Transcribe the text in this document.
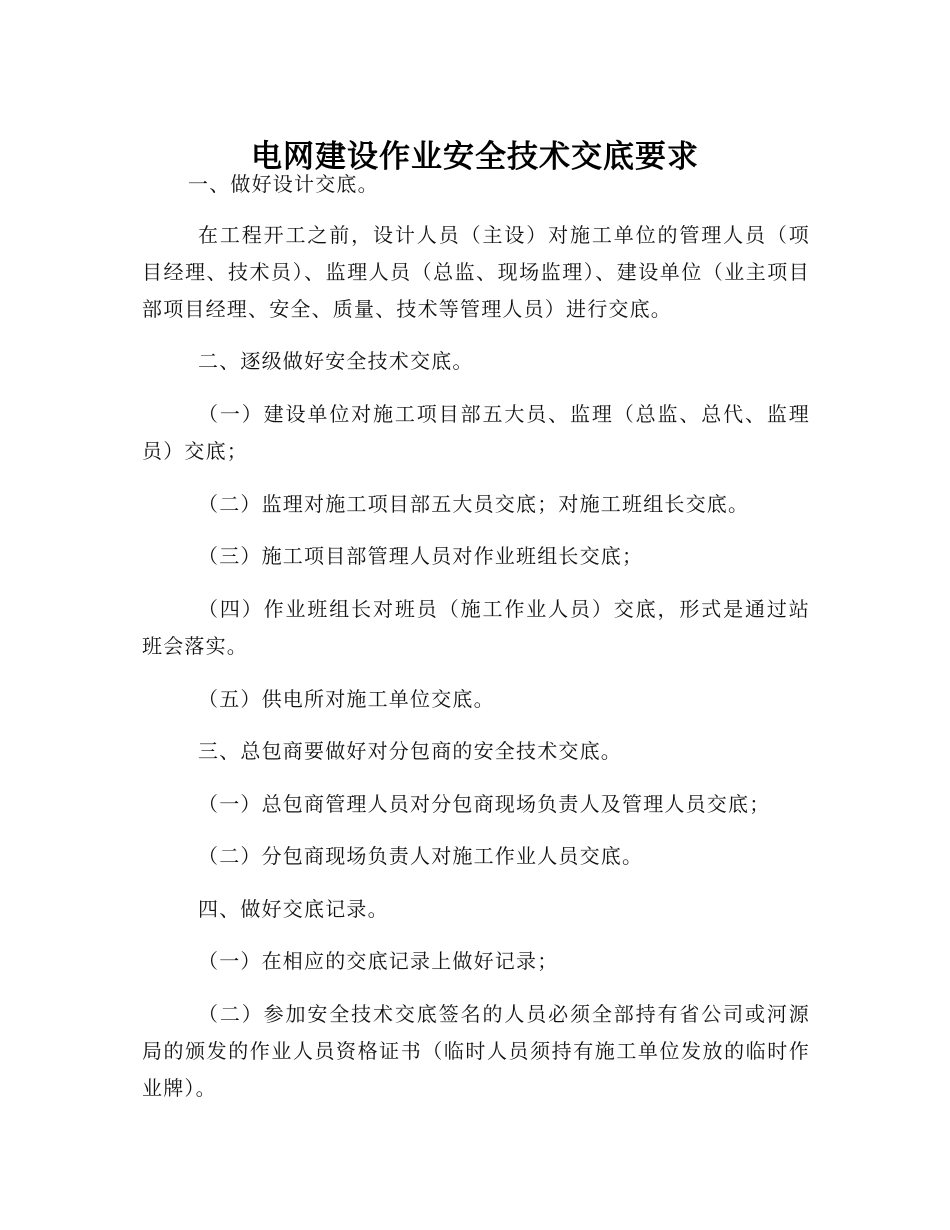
电网建设作业安全技术交底要求

一、做好设计交底。

在工程开工之前，设计人员（主设）对施工单位的管理人员（项目经理、技术员）、监理人员（总监、现场监理）、建设单位（业主项目部项目经理、安全、质量、技术等管理人员）进行交底。

二、逐级做好安全技术交底。

（一）建设单位对施工项目部五大员、监理（总监、总代、监理员）交底；

（二）监理对施工项目部五大员交底；对施工班组长交底。

（三）施工项目部管理人员对作业班组长交底；

（四）作业班组长对班员（施工作业人员）交底，形式是通过站班会落实。

（五）供电所对施工单位交底。

三、总包商要做好对分包商的安全技术交底。

（一）总包商管理人员对分包商现场负责人及管理人员交底；

（二）分包商现场负责人对施工作业人员交底。

四、做好交底记录。

（一）在相应的交底记录上做好记录；

（二）参加安全技术交底签名的人员必须全部持有省公司或河源局的颁发的作业人员资格证书（临时人员须持有施工单位发放的临时作业牌）。
